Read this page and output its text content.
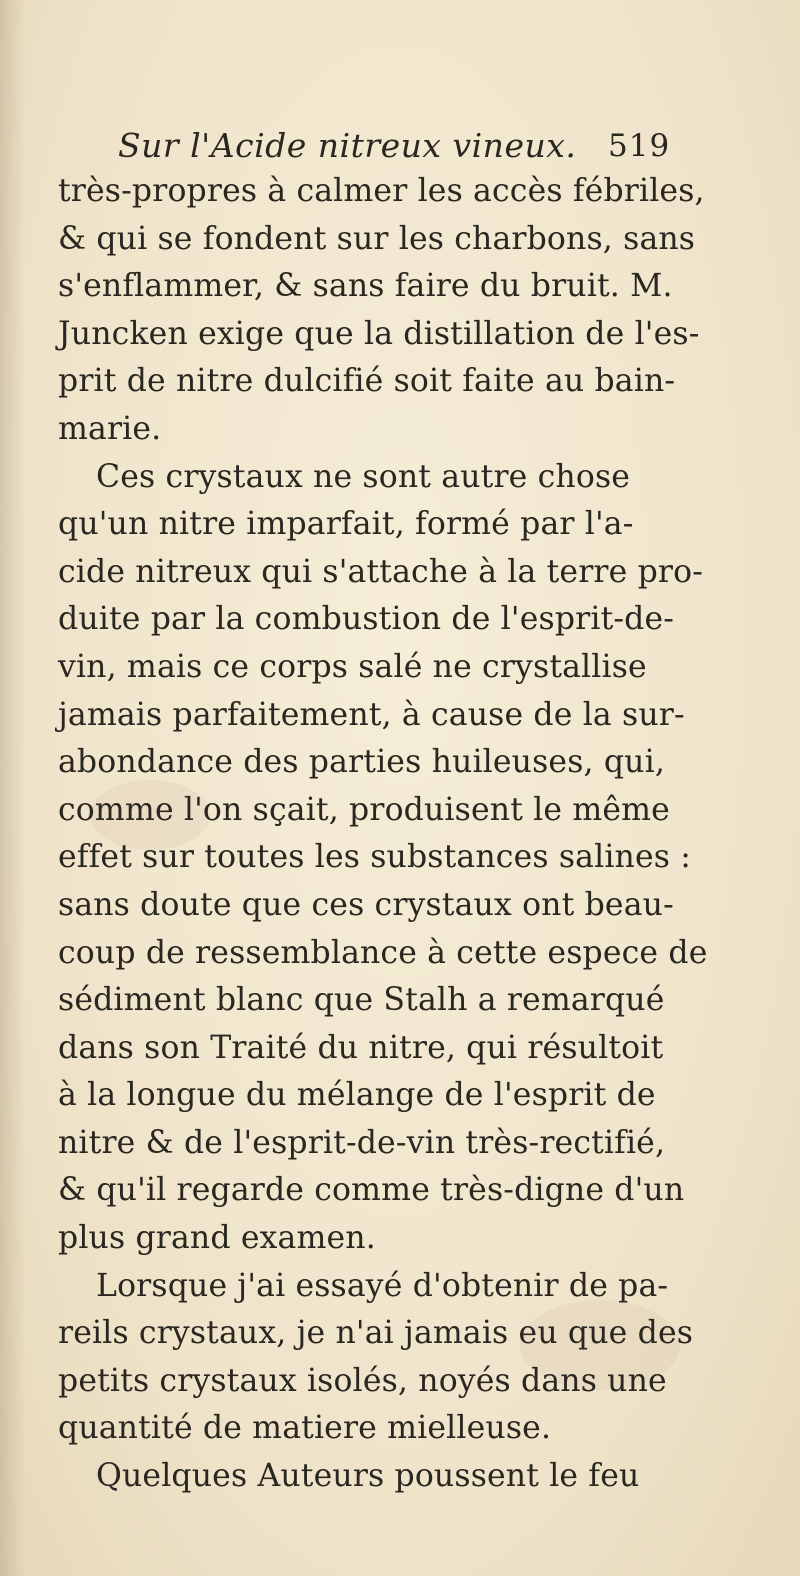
Sur l'Acide nitreux vineux. 519
très-propres à calmer les accès fébriles,
& qui se fondent sur les charbons, sans
s'enflammer, & sans faire du bruit. M.
Juncken exige que la distillation de l'es-
prit de nitre dulcifié soit faite au bain-
marie.
Ces crystaux ne sont autre chose
qu'un nitre imparfait, formé par l'a-
cide nitreux qui s'attache à la terre pro-
duite par la combustion de l'esprit-de-
vin, mais ce corps salé ne crystallise
jamais parfaitement, à cause de la sur-
abondance des parties huileuses, qui,
comme l'on sçait, produisent le même
effet sur toutes les substances salines :
sans doute que ces crystaux ont beau-
coup de ressemblance à cette espece de
sédiment blanc que Stalh a remarqué
dans son Traité du nitre, qui résultoit
à la longue du mélange de l'esprit de
nitre & de l'esprit-de-vin très-rectifié,
& qu'il regarde comme très-digne d'un
plus grand examen.
Lorsque j'ai essayé d'obtenir de pa-
reils crystaux, je n'ai jamais eu que des
petits crystaux isolés, noyés dans une
quantité de matiere mielleuse.
Quelques Auteurs poussent le feu
